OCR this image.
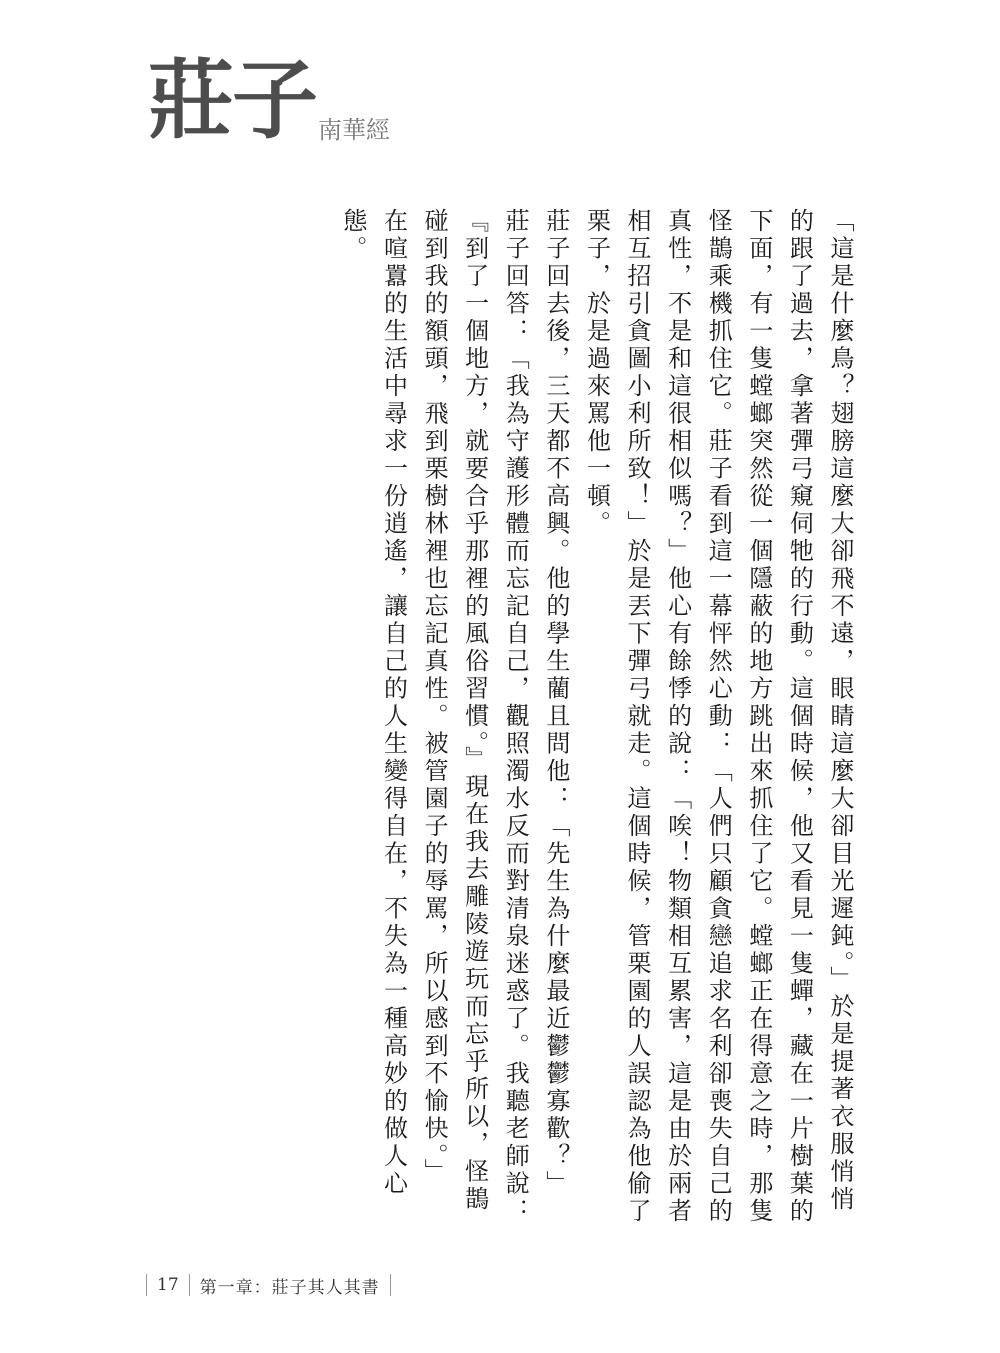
莊子 南華經

「這是什麼鳥？翅膀這麼大卻飛不遠，眼睛這麼大卻目光遲鈍。」於是提著衣服悄悄的跟了過去，拿著彈弓窺伺牠的行動。這個時候，他又看見一隻蟬，藏在一片樹葉的下面，有一隻螳螂突然從一個隱蔽的地方跳出來抓住了它。螳螂正在得意之時，那隻怪鵲乘機抓住它。莊子看到這一幕怦然心動：「人們只顧貪戀追求名利卻喪失自己的真性，不是和這很相似嗎？」他心有餘悸的說：「唉！物類相互累害，這是由於兩者相互招引貪圖小利所致！」於是丟下彈弓就走。這個時候，管栗園的人誤認為他偷了栗子，於是過來罵他一頓。

莊子回去後，三天都不高興。他的學生藺且問他：「先生為什麼最近鬱鬱寡歡？」

莊子回答：「我為守護形體而忘記自己，觀照濁水反而對清泉迷惑了。我聽老師說：『到了一個地方，就要合乎那裡的風俗習慣。』現在我去雕陵遊玩而忘乎所以，怪鵲碰到我的額頭，飛到栗樹林裡也忘記真性。被管園子的辱罵，所以感到不愉快。」

在喧囂的生活中尋求一份逍遙，讓自己的人生變得自在，不失為一種高妙的做人心態。

17	第一章：莊子其人其書
